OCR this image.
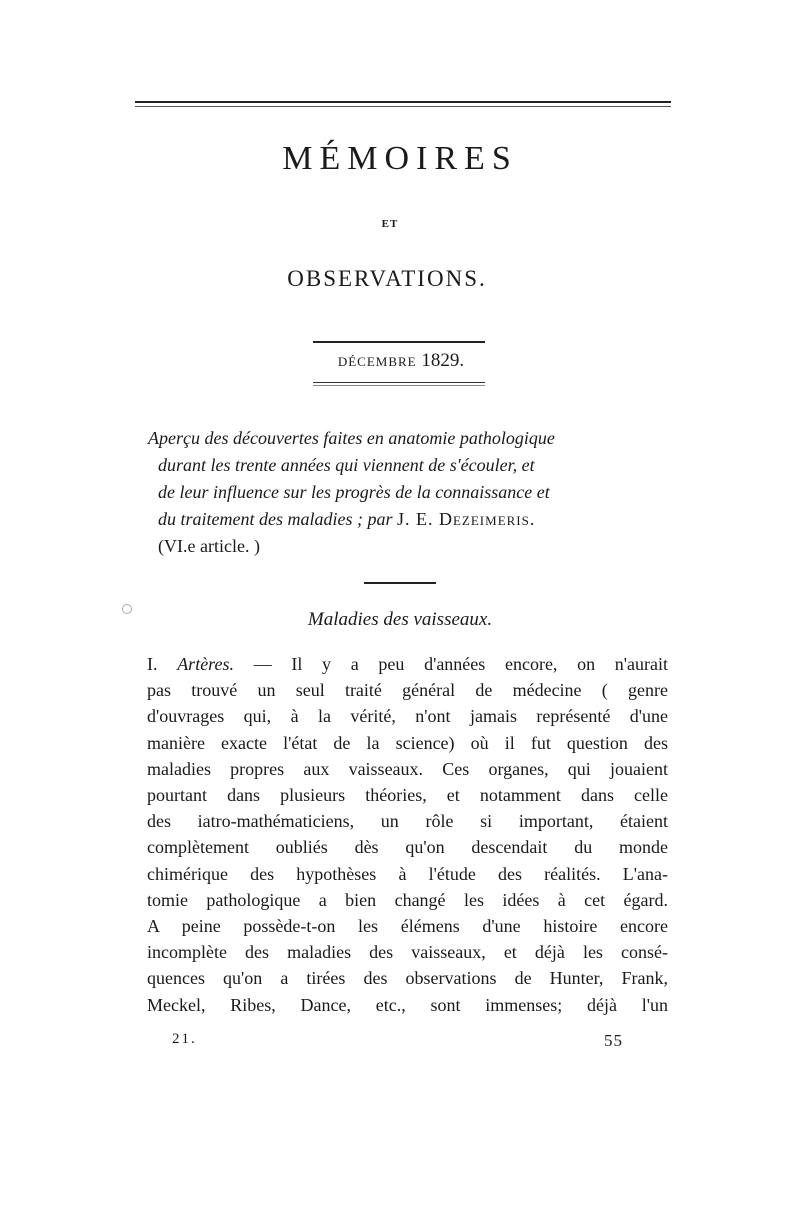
MÉMOIRES
ET
OBSERVATIONS.
DÉCEMBRE 1829.
Aperçu des découvertes faites en anatomie pathologique
durant les trente années qui viennent de s'écouler, et
de leur influence sur les progrès de la connaissance et
du traitement des maladies ; par J. E. Dezeimeris.
(VI.e article. )
Maladies des vaisseaux.
I. Artères. — Il y a peu d'années encore, on n'aurait
pas trouvé un seul traité général de médecine ( genre
d'ouvrages qui, à la vérité, n'ont jamais représenté d'une
manière exacte l'état de la science) où il fut question des
maladies propres aux vaisseaux. Ces organes, qui jouaient
pourtant dans plusieurs théories, et notamment dans celle
des iatro-mathématiciens, un rôle si important, étaient
complètement oubliés dès qu'on descendait du monde
chimérique des hypothèses à l'étude des réalités. L'ana-
tomie pathologique a bien changé les idées à cet égard.
A peine possède-t-on les élémens d'une histoire encore
incomplète des maladies des vaisseaux, et déjà les consé-
quences qu'on a tirées des observations de Hunter, Frank,
Meckel, Ribes, Dance, etc., sont immenses; déjà l'un
21.	55
